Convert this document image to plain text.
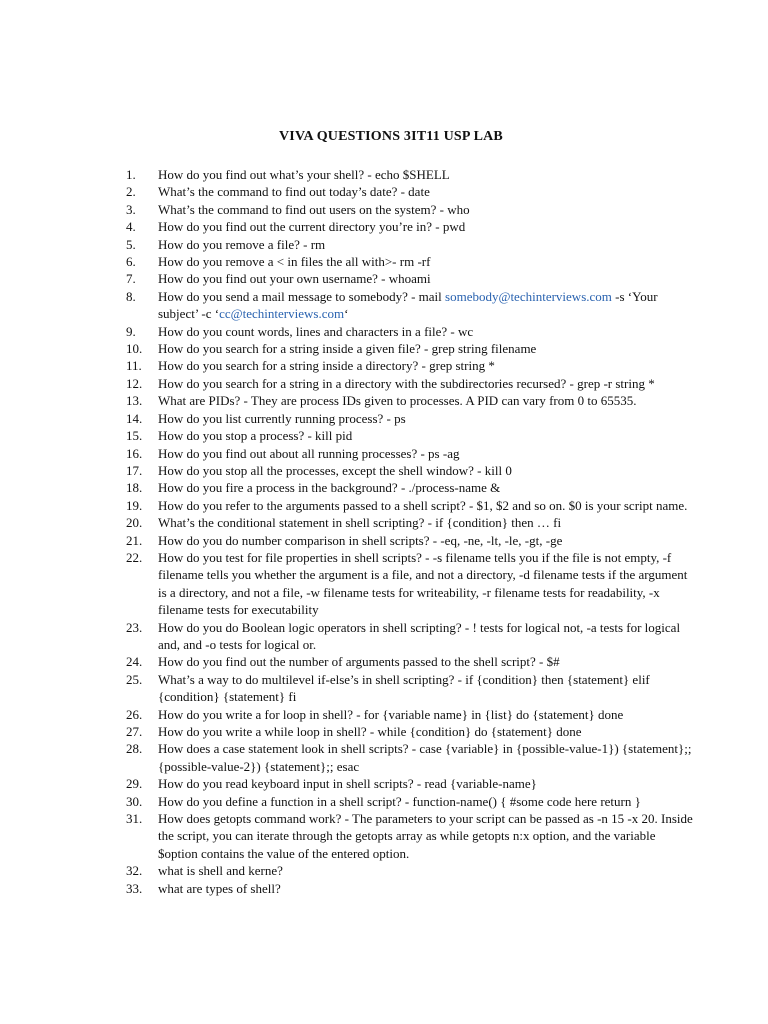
VIVA QUESTIONS 3IT11 USP LAB
1. How do you find out what’s your shell? - echo $SHELL
2. What’s the command to find out today’s date? - date
3. What’s the command to find out users on the system? - who
4. How do you find out the current directory you’re in? - pwd
5. How do you remove a file? - rm
6. How do you remove a < in files the all with>- rm -rf
7. How do you find out your own username? - whoami
8. How do you send a mail message to somebody? - mail somebody@techinterviews.com -s ‘Your subject’ -c ‘cc@techinterviews.com‘
9. How do you count words, lines and characters in a file? - wc
10. How do you search for a string inside a given file? - grep string filename
11. How do you search for a string inside a directory? - grep string *
12. How do you search for a string in a directory with the subdirectories recursed? - grep -r string *
13. What are PIDs? - They are process IDs given to processes. A PID can vary from 0 to 65535.
14. How do you list currently running process? - ps
15. How do you stop a process? - kill pid
16. How do you find out about all running processes? - ps -ag
17. How do you stop all the processes, except the shell window? - kill 0
18. How do you fire a process in the background? - ./process-name &
19. How do you refer to the arguments passed to a shell script? - $1, $2 and so on. $0 is your script name.
20. What’s the conditional statement in shell scripting? - if {condition} then … fi
21. How do you do number comparison in shell scripts? - -eq, -ne, -lt, -le, -gt, -ge
22. How do you test for file properties in shell scripts? - -s filename tells you if the file is not empty, -f filename tells you whether the argument is a file, and not a directory, -d filename tests if the argument is a directory, and not a file, -w filename tests for writeability, -r filename tests for readability, -x filename tests for executability
23. How do you do Boolean logic operators in shell scripting? - ! tests for logical not, -a tests for logical and, and -o tests for logical or.
24. How do you find out the number of arguments passed to the shell script? - $#
25. What’s a way to do multilevel if-else’s in shell scripting? - if {condition} then {statement} elif {condition} {statement} fi
26. How do you write a for loop in shell? - for {variable name} in {list} do {statement} done
27. How do you write a while loop in shell? - while {condition} do {statement} done
28. How does a case statement look in shell scripts? - case {variable} in {possible-value-1}) {statement};; {possible-value-2}) {statement};; esac
29. How do you read keyboard input in shell scripts? - read {variable-name}
30. How do you define a function in a shell script? - function-name() { #some code here return }
31. How does getopts command work? - The parameters to your script can be passed as -n 15 -x 20. Inside the script, you can iterate through the getopts array as while getopts n:x option, and the variable $option contains the value of the entered option.
32. what is shell and kerne?
33. what are types of shell?
